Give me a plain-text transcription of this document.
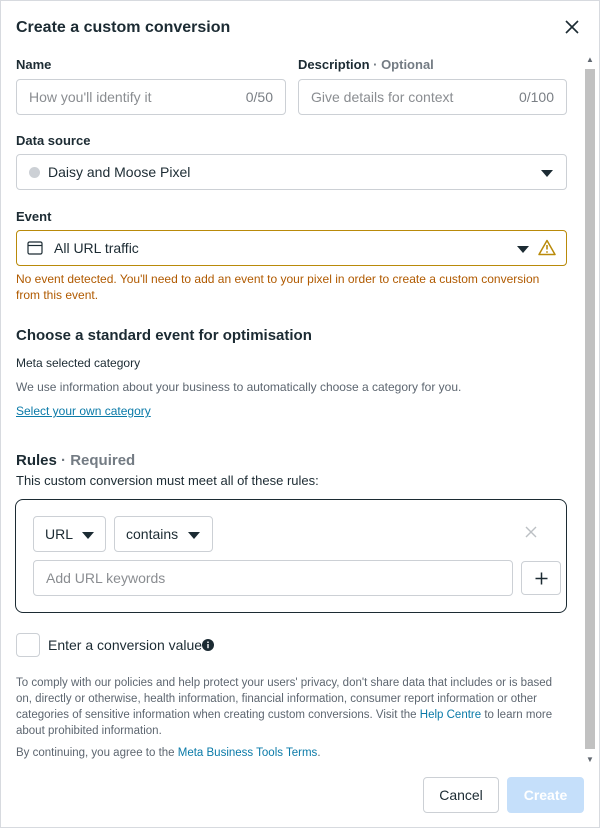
Create a custom conversion
▲
▼
Name
How you'll identify it	0/50
Description · Optional
Give details for context	0/100
Data source
Daisy and Moose Pixel
Event
All URL traffic
No event detected. You'll need to add an event to your pixel in order to create a custom conversion from this event.
Choose a standard event for optimisation
Meta selected category
We use information about your business to automatically choose a category for you.
Select your own category
Rules · Required
This custom conversion must meet all of these rules:
URL	contains
Add URL keywords
Enter a conversion value
To comply with our policies and help protect your users' privacy, don't share data that includes or is based on, directly or otherwise, health information, financial information, consumer report information or other categories of sensitive information when creating custom conversions. Visit the Help Centre to learn more about prohibited information.
By continuing, you agree to the Meta Business Tools Terms.
Cancel	Create
